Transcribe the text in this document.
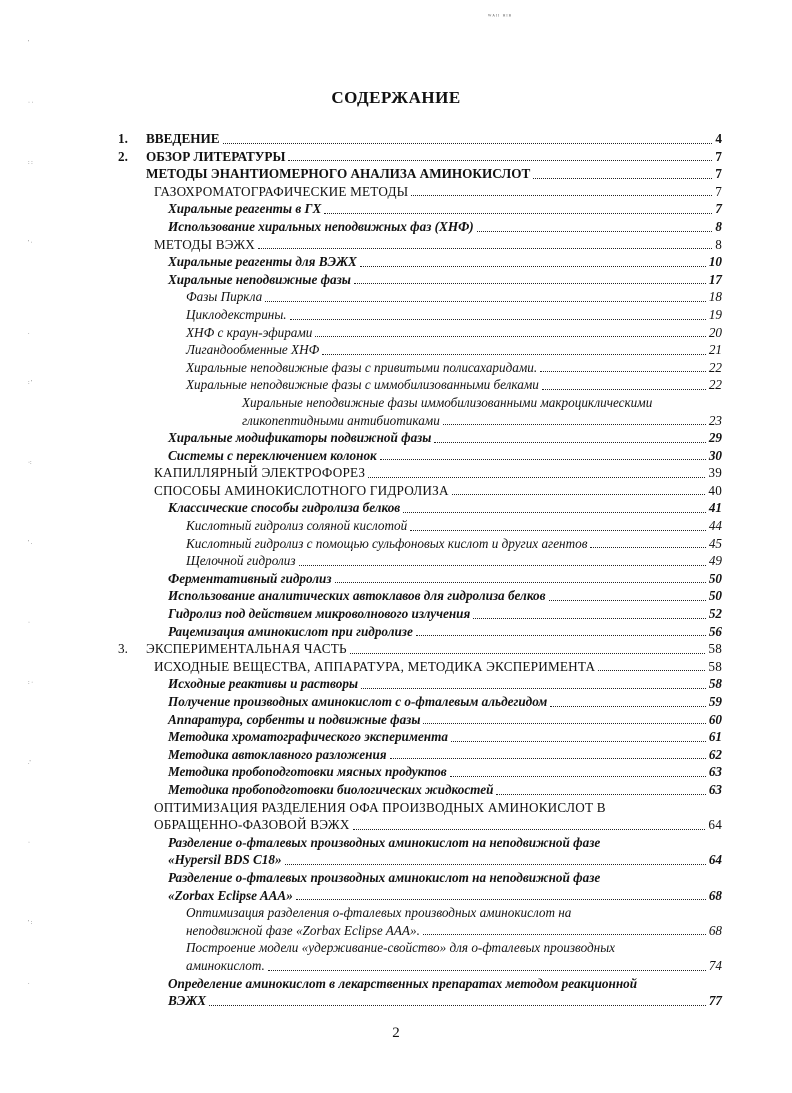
ᵂᴬᴵᴵ ᴴᴵᴮ
'
· ·
: :
' ·
.
: '
·:
' .
·
: ·
.'
·
' :
.
СОДЕРЖАНИЕ
1.	ВВЕДЕНИЕ	4
2.	ОБЗОР ЛИТЕРАТУРЫ	7
МЕТОДЫ ЭНАНТИОМЕРНОГО АНАЛИЗА АМИНОКИСЛОТ	7
ГАЗОХРОМАТОГРАФИЧЕСКИЕ МЕТОДЫ	7
Хиральные реагенты в ГХ	7
Использование хиральных неподвижных фаз (ХНФ)	8
МЕТОДЫ ВЭЖХ	8
Хиральные реагенты для ВЭЖХ	10
Хиральные неподвижные фазы	17
Фазы Пиркла	18
Циклодекстрины.	19
ХНФ с краун-эфирами	20
Лигандообменные ХНФ	21
Хиральные неподвижные фазы с привитыми полисахаридами.	22
Хиральные неподвижные фазы с иммобилизованными белками	22
Хиральные неподвижные фазы иммобилизованными макроциклическими
гликопептидными антибиотиками	23
Хиральные модификаторы подвижной фазы	29
Системы с переключением колонок	30
КАПИЛЛЯРНЫЙ ЭЛЕКТРОФОРЕЗ	39
СПОСОБЫ АМИНОКИСЛОТНОГО ГИДРОЛИЗА	40
Классические способы гидролиза белков	41
Кислотный гидролиз соляной кислотой	44
Кислотный гидролиз с помощью сульфоновых кислот и других агентов	45
Щелочной гидролиз	49
Ферментативный гидролиз	50
Использование аналитических автоклавов для гидролиза белков	50
Гидролиз под действием микроволнового излучения	52
Рацемизация аминокислот при гидролизе	56
3.	ЭКСПЕРИМЕНТАЛЬНАЯ ЧАСТЬ	58
ИСХОДНЫЕ ВЕЩЕСТВА, АППАРАТУРА, МЕТОДИКА ЭКСПЕРИМЕНТА	58
Исходные реактивы и растворы	58
Получение производных аминокислот с о-фталевым альдегидом	59
Аппаратура, сорбенты и подвижные фазы	60
Методика хроматографического эксперимента	61
Методика автоклавного разложения	62
Методика пробоподготовки мясных продуктов	63
Методика пробоподготовки биологических жидкостей	63
ОПТИМИЗАЦИЯ РАЗДЕЛЕНИЯ ОФА ПРОИЗВОДНЫХ АМИНОКИСЛОТ В
ОБРАЩЕННО-ФАЗОВОЙ ВЭЖХ	64
Разделение о-фталевых производных аминокислот на неподвижной фазе
«Hypersil BDS C18»	64
Разделение о-фталевых производных аминокислот на неподвижной фазе
«Zorbax Eclipse AAA»	68
Оптимизация разделения о-фталевых производных аминокислот на
неподвижной фазе «Zorbax Eclipse AAA».	68
Построение модели «удерживание-свойство» для о-фталевых производных
аминокислот.	74
Определение аминокислот в лекарственных препаратах методом реакционной
ВЭЖХ	77
2
